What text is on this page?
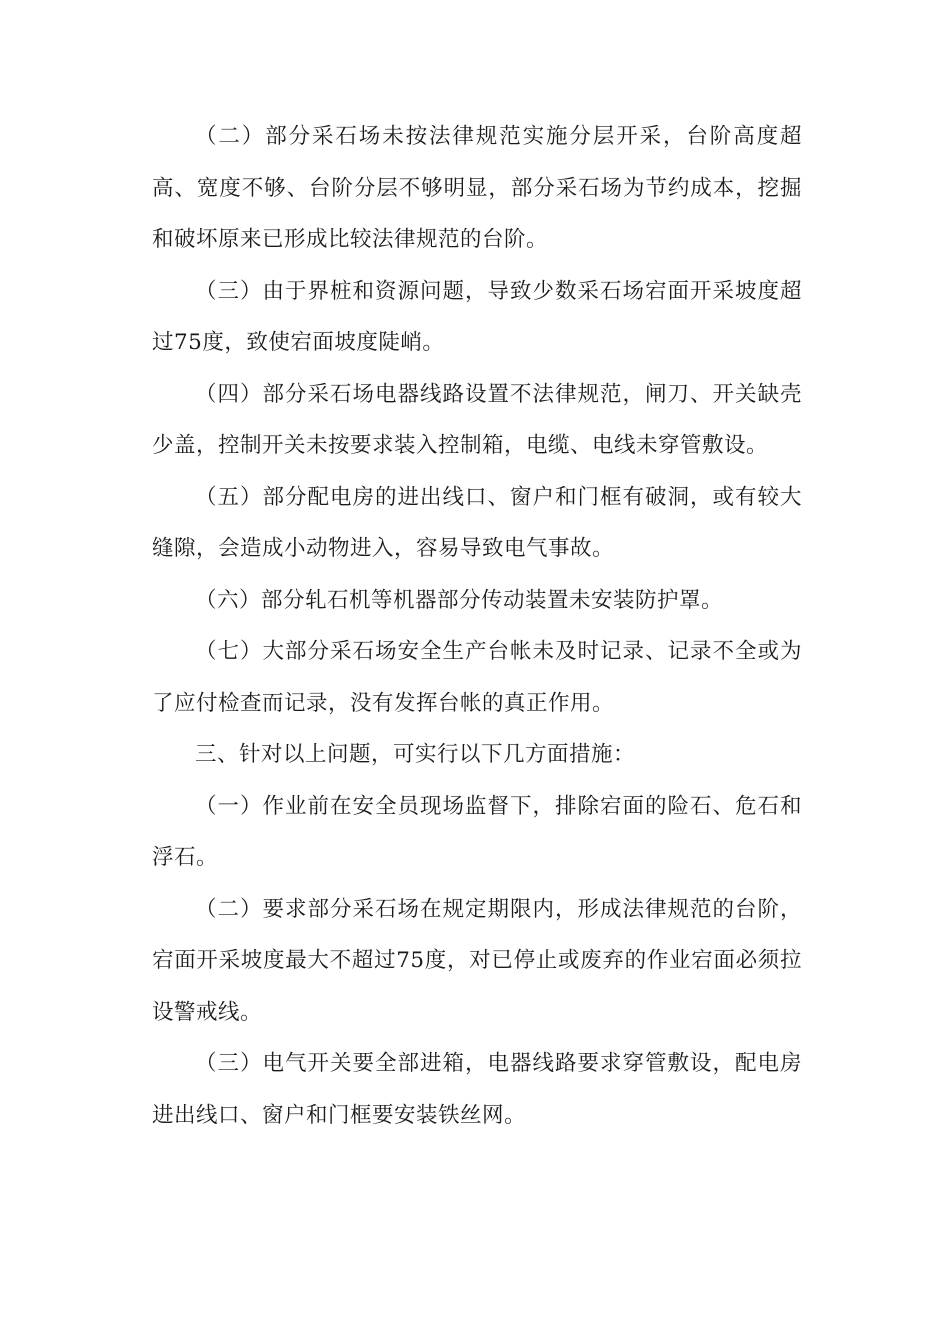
（二）部分采石场未按法律规范实施分层开采，台阶高度超高、宽度不够、台阶分层不够明显，部分采石场为节约成本，挖掘和破坏原来已形成比较法律规范的台阶。

（三）由于界桩和资源问题，导致少数采石场宕面开采坡度超过75度，致使宕面坡度陡峭。

（四）部分采石场电器线路设置不法律规范，闸刀、开关缺壳少盖，控制开关未按要求装入控制箱，电缆、电线未穿管敷设。

（五）部分配电房的进出线口、窗户和门框有破洞，或有较大缝隙，会造成小动物进入，容易导致电气事故。

（六）部分轧石机等机器部分传动装置未安装防护罩。

（七）大部分采石场安全生产台帐未及时记录、记录不全或为了应付检查而记录，没有发挥台帐的真正作用。

三、针对以上问题，可实行以下几方面措施：

（一）作业前在安全员现场监督下，排除宕面的险石、危石和浮石。

（二）要求部分采石场在规定期限内，形成法律规范的台阶，宕面开采坡度最大不超过75度，对已停止或废弃的作业宕面必须拉设警戒线。

（三）电气开关要全部进箱，电器线路要求穿管敷设，配电房进出线口、窗户和门框要安装铁丝网。
